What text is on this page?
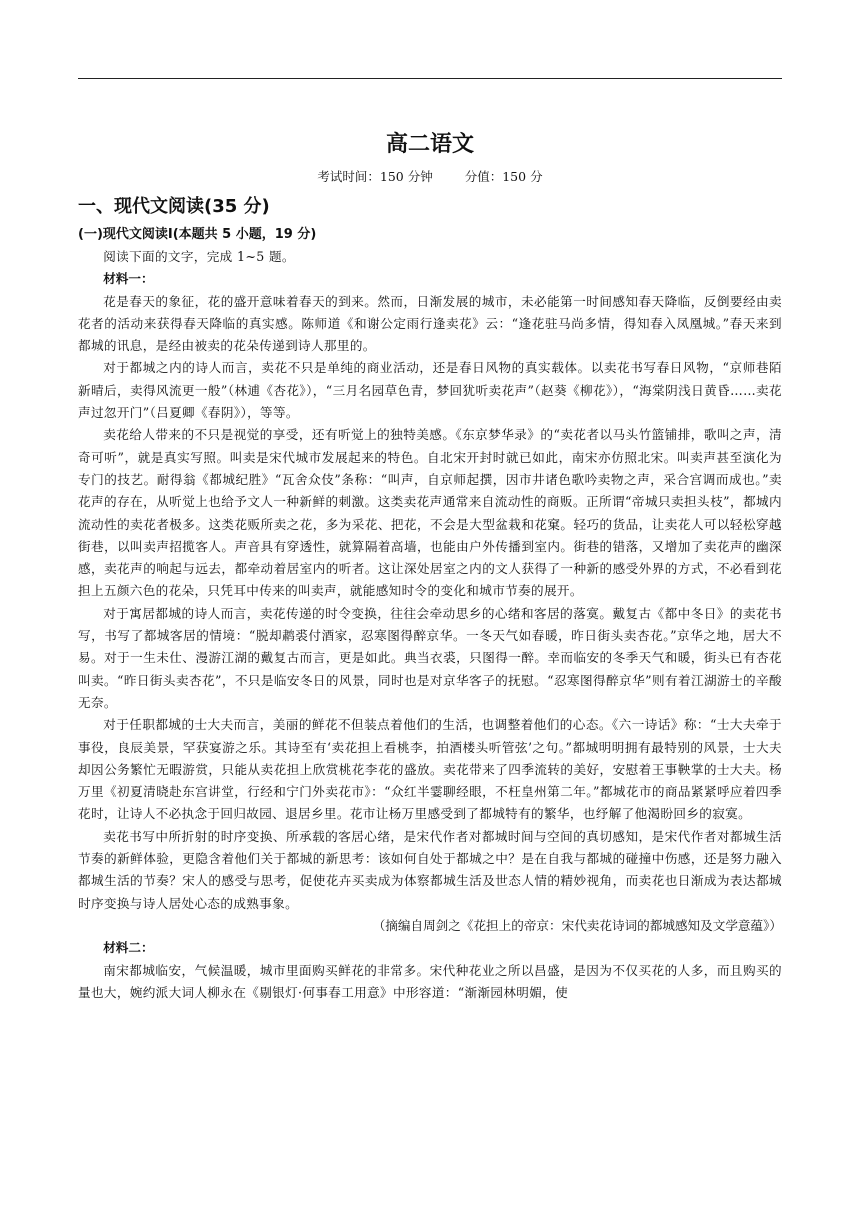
高二语文
考试时间：150 分钟	分值：150 分
一、现代文阅读(35 分)
(一)现代文阅读Ⅰ(本题共 5 小题，19 分)

阅读下面的文字，完成 1~5 题。

材料一：

花是春天的象征，花的盛开意味着春天的到来。然而，日渐发展的城市，未必能第一时间感知春天降临，反倒要经由卖花者的活动来获得春天降临的真实感。陈师道《和谢公定雨行逢卖花》云：“逢花驻马尚多情，得知春入凤凰城。”春天来到都城的讯息，是经由被卖的花朵传递到诗人那里的。

对于都城之内的诗人而言，卖花不只是单纯的商业活动，还是春日风物的真实载体。以卖花书写春日风物，“京师巷陌新晴后，卖得风流更一般”（林逋《杏花》），“三月名园草色青，梦回犹听卖花声”（赵葵《柳花》），“海棠阴浅日黄昏……卖花声过忽开门”（吕夏卿《春阴》），等等。

卖花给人带来的不只是视觉的享受，还有听觉上的独特美感。《东京梦华录》的“卖花者以马头竹篮铺排，歌叫之声，清奇可听”，就是真实写照。叫卖是宋代城市发展起来的特色。自北宋开封时就已如此，南宋亦仿照北宋。叫卖声甚至演化为专门的技艺。耐得翁《都城纪胜》“瓦舍众伎”条称：“叫声，自京师起撰，因市井诸色歌吟卖物之声，采合宫调而成也。”卖花声的存在，从听觉上也给予文人一种新鲜的刺激。这类卖花声通常来自流动性的商贩。正所谓“帝城只卖担头枝”，都城内流动性的卖花者极多。这类花贩所卖之花，多为采花、把花，不会是大型盆栽和花窠。轻巧的货品，让卖花人可以轻松穿越街巷，以叫卖声招揽客人。声音具有穿透性，就算隔着高墙，也能由户外传播到室内。街巷的错落，又增加了卖花声的幽深感，卖花声的响起与远去，都牵动着居室内的听者。这让深处居室之内的文人获得了一种新的感受外界的方式，不必看到花担上五颜六色的花朵，只凭耳中传来的叫卖声，就能感知时令的变化和城市节奏的展开。

对于寓居都城的诗人而言，卖花传递的时令变换，往往会牵动思乡的心绪和客居的落寞。戴复古《都中冬日》的卖花书写，书写了都城客居的情境：“脱却鹔裘付酒家，忍寒图得醉京华。一冬天气如春暖，昨日街头卖杏花。”京华之地，居大不易。对于一生未仕、漫游江湖的戴复古而言，更是如此。典当衣裘，只图得一醉。幸而临安的冬季天气和暖，街头已有杏花叫卖。“昨日街头卖杏花”，不只是临安冬日的风景，同时也是对京华客子的抚慰。“忍寒图得醉京华”则有着江湖游士的辛酸无奈。

对于任职都城的士大夫而言，美丽的鲜花不但装点着他们的生活，也调整着他们的心态。《六一诗话》称：“士大夫牵于事役，良辰美景，罕获宴游之乐。其诗至有‘卖花担上看桃李，拍酒楼头听管弦’之句。”都城明明拥有最特别的风景，士大夫却因公务繁忙无暇游赏，只能从卖花担上欣赏桃花李花的盛放。卖花带来了四季流转的美好，安慰着王事鞅掌的士大夫。杨万里《初夏清晓赴东宫讲堂，行经和宁门外卖花市》：“众红半霎聊经眼，不枉皇州第二年。”都城花市的商品紧紧呼应着四季花时，让诗人不必执念于回归故园、退居乡里。花市让杨万里感受到了都城特有的繁华，也纾解了他渴盼回乡的寂寞。

卖花书写中所折射的时序变换、所承载的客居心绪，是宋代作者对都城时间与空间的真切感知，是宋代作者对都城生活节奏的新鲜体验，更隐含着他们关于都城的新思考：该如何自处于都城之中？是在自我与都城的碰撞中伤感，还是努力融入都城生活的节奏？宋人的感受与思考，促使花卉买卖成为体察都城生活及世态人情的精妙视角，而卖花也日渐成为表达都城时序变换与诗人居处心态的成熟事象。

（摘编自周剑之《花担上的帝京：宋代卖花诗词的都城感知及文学意蕴》）

材料二：

南宋都城临安，气候温暖，城市里面购买鲜花的非常多。宋代种花业之所以昌盛，是因为不仅买花的人多，而且购买的量也大，婉约派大词人柳永在《剔银灯·何事春工用意》中形容道：“渐渐园林明媚，使
